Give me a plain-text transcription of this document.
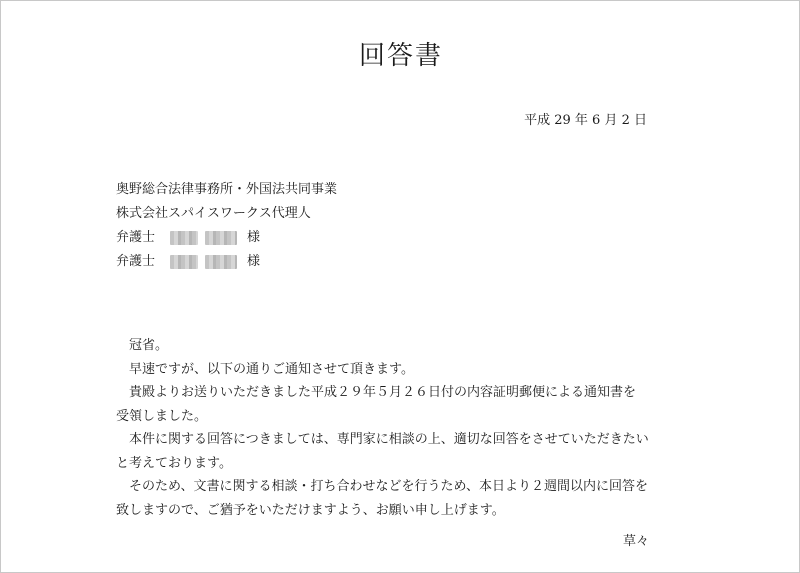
回答書
平成 29 年 6 月 2 日
奥野総合法律事務所・外国法共同事業
株式会社スパイスワークス代理人
弁護士	様
弁護士	様

冠省。

早速ですが、以下の通りご通知させて頂きます。

貴殿よりお送りいただきました平成２９年５月２６日付の内容証明郵便による通知書を

受領しました。

本件に関する回答につきましては、専門家に相談の上、適切な回答をさせていただきたい

と考えております。

そのため、文書に関する相談・打ち合わせなどを行うため、本日より２週間以内に回答を

致しますので、ご猶予をいただけますよう、お願い申し上げます。

草々
